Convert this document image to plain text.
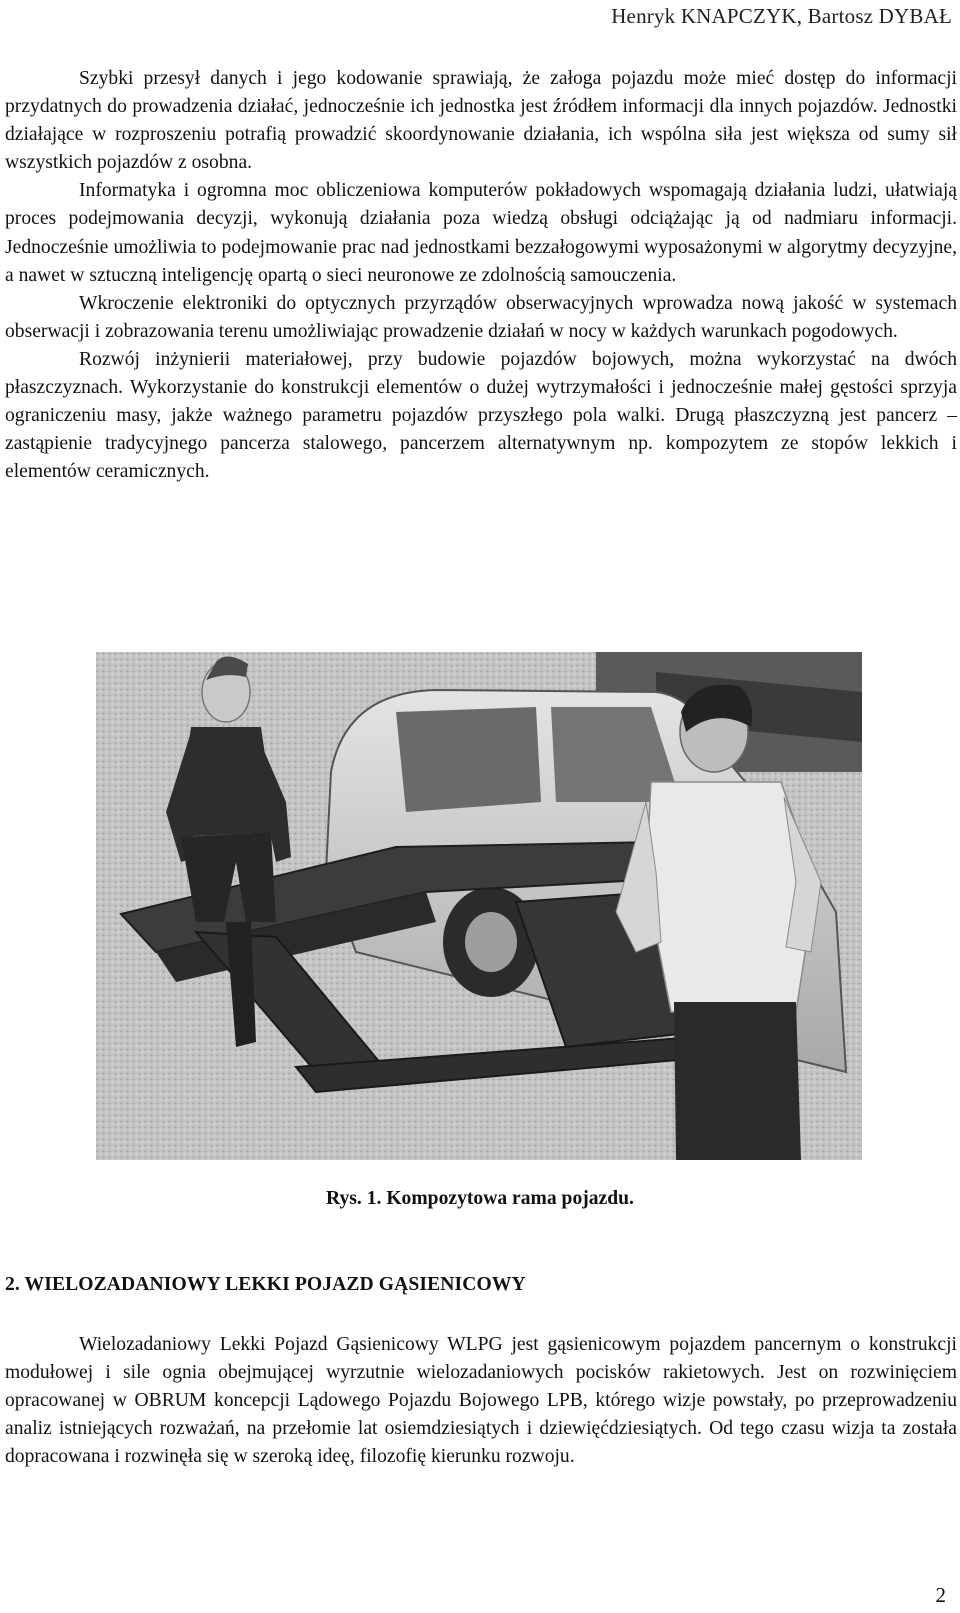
Henryk KNAPCZYK, Bartosz DYBAŁ

Szybki przesył danych i jego kodowanie sprawiają, że załoga pojazdu może mieć dostęp do informacji przydatnych do prowadzenia działać, jednocześnie ich jednostka jest źródłem informacji dla innych pojazdów. Jednostki działające w rozproszeniu potrafią prowadzić skoordynowanie działania, ich wspólna siła jest większa od sumy sił wszystkich pojazdów z osobna.

Informatyka i ogromna moc obliczeniowa komputerów pokładowych wspomagają działania ludzi, ułatwiają proces podejmowania decyzji, wykonują działania poza wiedzą obsługi odciążając ją od nadmiaru informacji. Jednocześnie umożliwia to podejmowanie prac nad jednostkami bezzałogowymi wyposażonymi w algorytmy decyzyjne, a nawet w sztuczną inteligencję opartą o sieci neuronowe ze zdolnością samouczenia.

Wkroczenie elektroniki do optycznych przyrządów obserwacyjnych wprowadza nową jakość w systemach obserwacji i zobrazowania terenu umożliwiając prowadzenie działań w nocy w każdych warunkach pogodowych.

Rozwój inżynierii materiałowej, przy budowie pojazdów bojowych, można wykorzystać na dwóch płaszczyznach. Wykorzystanie do konstrukcji elementów o dużej wytrzymałości i jednocześnie małej gęstości sprzyja ograniczeniu masy, jakże ważnego parametru pojazdów przyszłego pola walki. Drugą płaszczyzną jest pancerz – zastąpienie tradycyjnego pancerza stalowego, pancerzem alternatywnym np. kompozytem ze stopów lekkich i elementów ceramicznych.

Rys. 1. Kompozytowa rama pojazdu.
2. WIELOZADANIOWY LEKKI POJAZD GĄSIENICOWY

Wielozadaniowy Lekki Pojazd Gąsienicowy WLPG jest gąsienicowym pojazdem pancernym o konstrukcji modułowej i sile ognia obejmującej wyrzutnie wielozadaniowych pocisków rakietowych. Jest on rozwinięciem opracowanej w OBRUM koncepcji Lądowego Pojazdu Bojowego LPB, którego wizje powstały, po przeprowadzeniu analiz istniejących rozważań, na przełomie lat osiemdziesiątych i dziewięćdziesiątych. Od tego czasu wizja ta została dopracowana i rozwinęła się w szeroką ideę, filozofię kierunku rozwoju.

2
